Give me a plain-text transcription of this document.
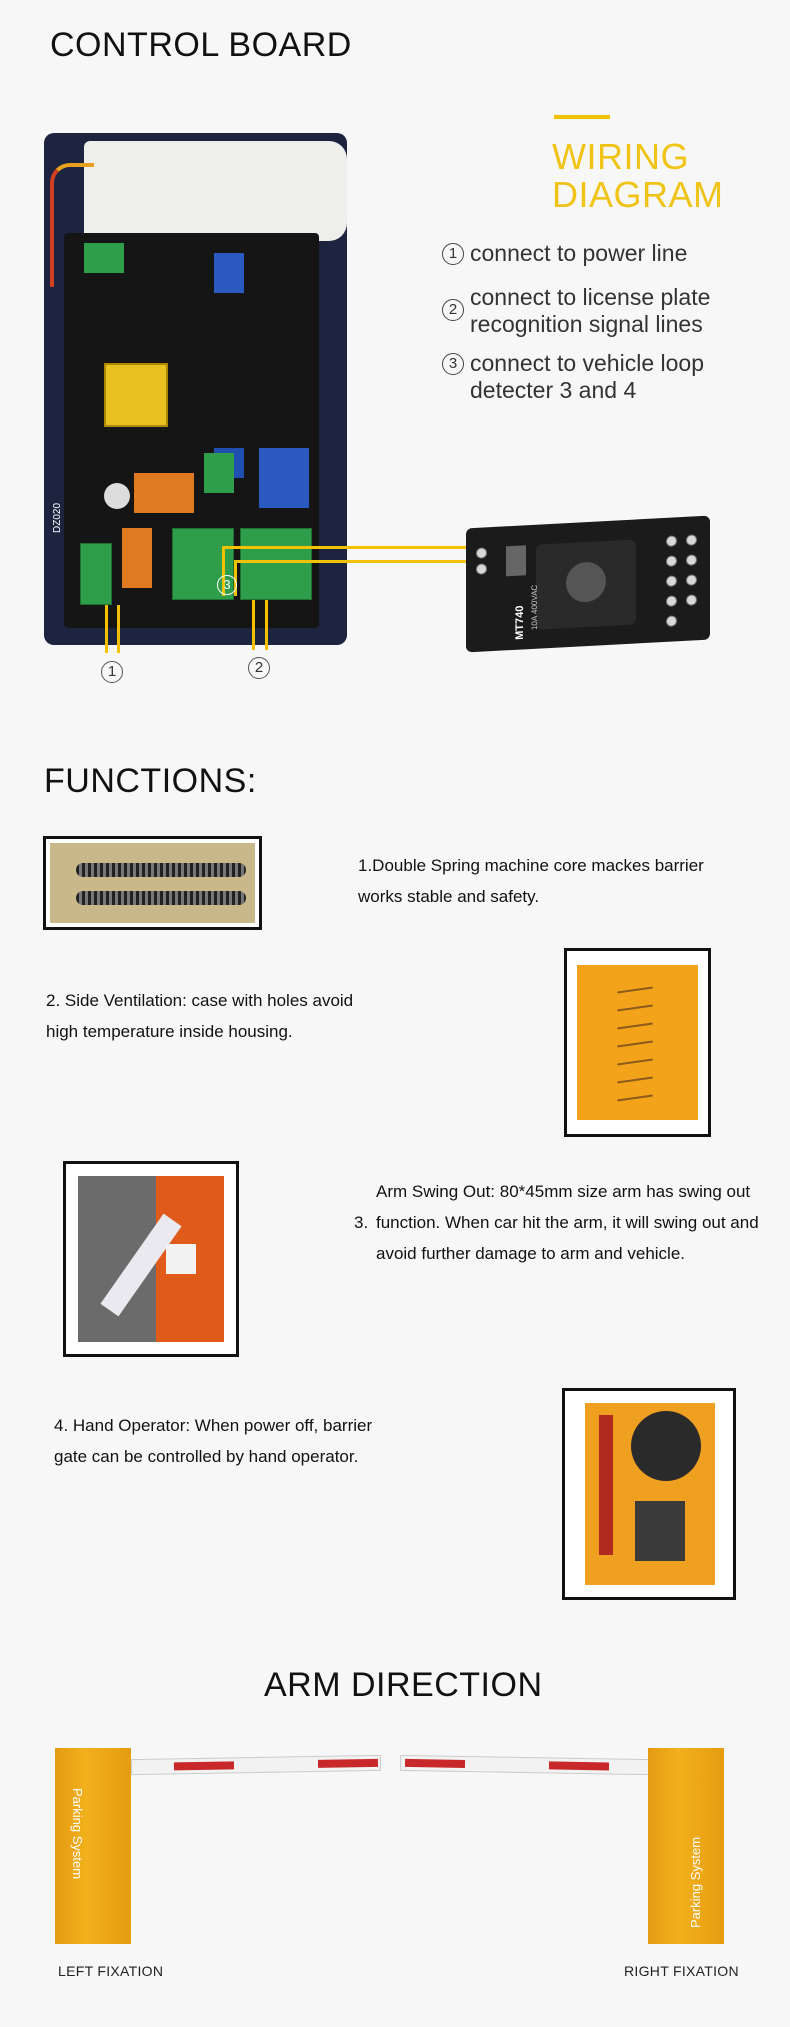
CONTROL BOARD
DZ020
1	2
3
MT740 10A 400VAC
WIRING
DIAGRAM
1 connect to power line
2 connect to license plate recognition signal lines
3 connect to vehicle loop detecter 3 and 4
FUNCTIONS:
1.Double Spring machine core mackes barrier works stable and safety.
2. Side Ventilation: case with holes avoid high temperature inside housing.
3.
Arm Swing Out: 80*45mm size arm has swing out function. When car hit the arm, it will swing out and avoid further damage to arm and vehicle.
4. Hand Operator: When power off, barrier gate can be controlled by hand operator.
ARM DIRECTION
Parking System
Parking System
LEFT FIXATION	RIGHT FIXATION
